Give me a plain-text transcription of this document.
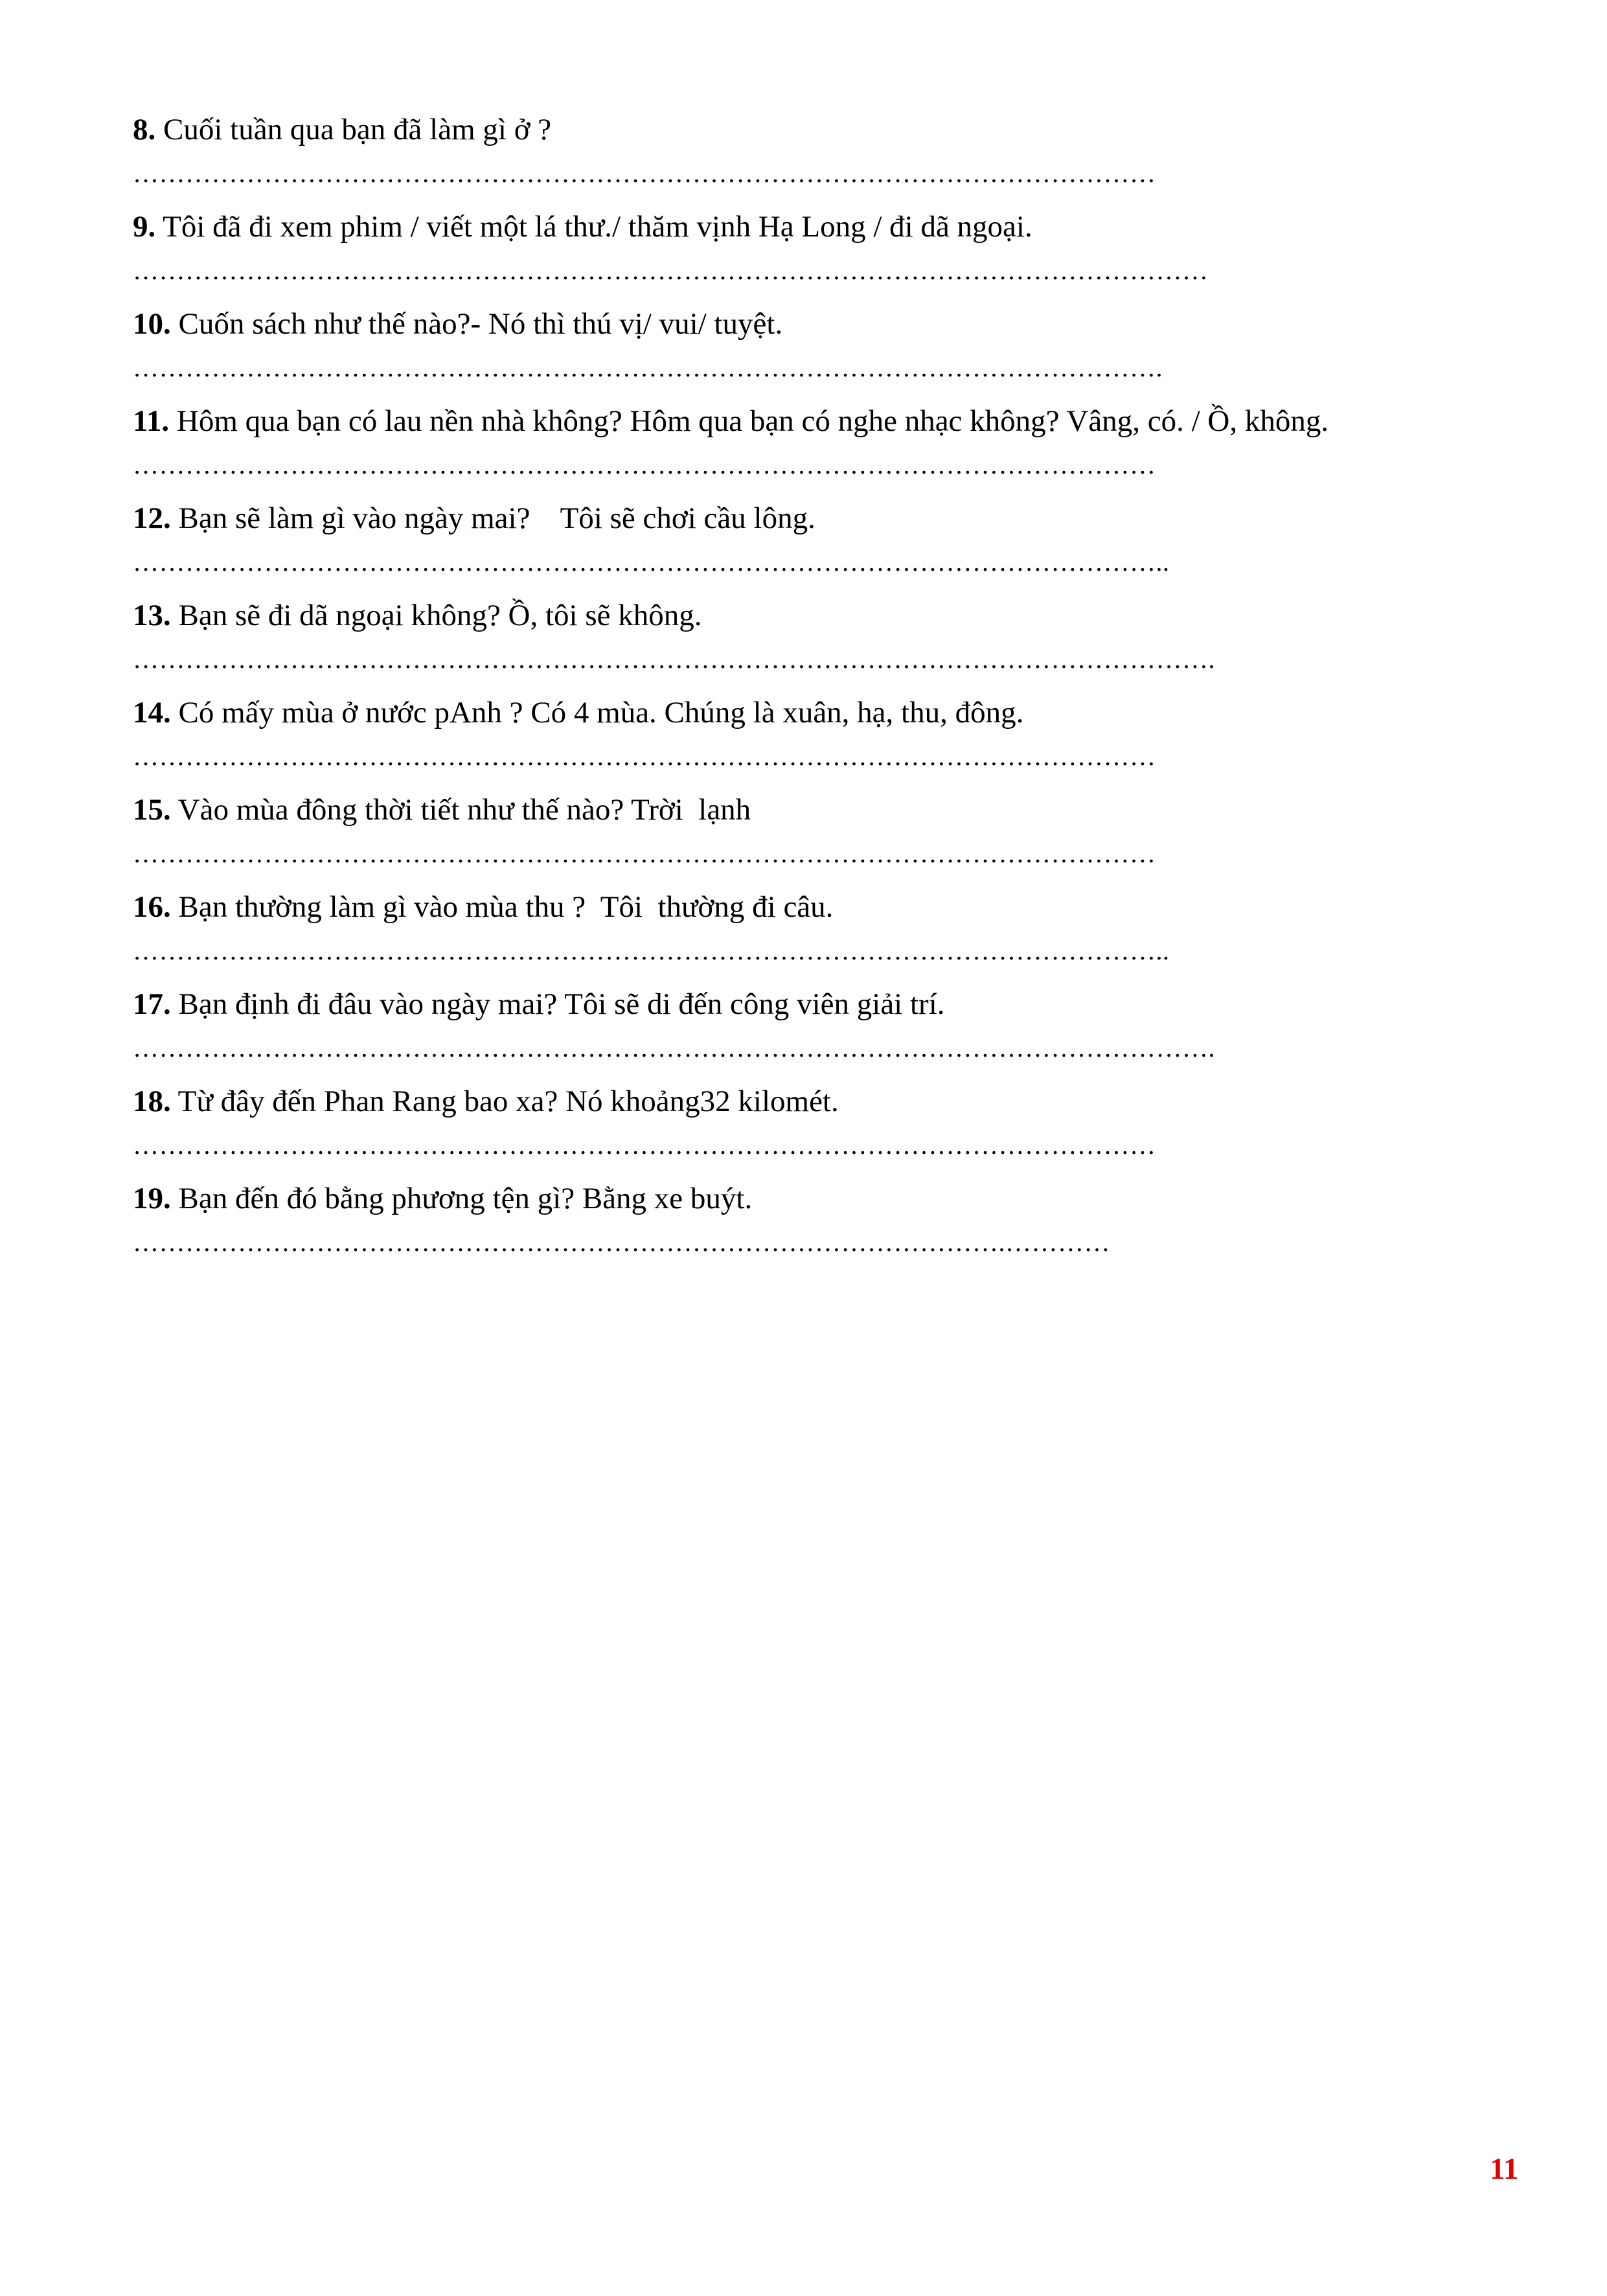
8. Cuối tuần qua bạn đã làm gì ở ?
………………………………………………………………………………………………………
9. Tôi đã đi xem phim / viết một lá thư./ thăm vịnh Hạ Long / đi dã ngoại.
……………………………………………………………………………………………………………
10. Cuốn sách như thế nào?- Nó thì thú vị/ vui/ tuyệt.
……………………………………………………………………………………………………….
11. Hôm qua bạn có lau nền nhà không? Hôm qua bạn có nghe nhạc không? Vâng, có. / Ồ, không.
………………………………………………………………………………………………………
12. Bạn sẽ làm gì vào ngày mai?    Tôi sẽ chơi cầu lông.
………………………………………………………………………………………………………..
13. Bạn sẽ đi dã ngoại không? Ồ, tôi sẽ không.
…………………………………………………………………………………………………………….
14. Có mấy mùa ở nước pAnh ? Có 4 mùa. Chúng là xuân, hạ, thu, đông.
………………………………………………………………………………………………………
15. Vào mùa đông thời tiết như thế nào? Trời  lạnh
………………………………………………………………………………………………………
16. Bạn thường làm gì vào mùa thu ?  Tôi  thường đi câu.
………………………………………………………………………………………………………..
17. Bạn định đi đâu vào ngày mai? Tôi sẽ di đến công viên giải trí.
…………………………………………………………………………………………………………….
18. Từ đây đến Phan Rang bao xa? Nó khoảng32 kilomét.
………………………………………………………………………………………………………
19. Bạn đến đó bằng phương tện gì? Bằng xe buýt.
……………………………………………………………………………………….…………
11
